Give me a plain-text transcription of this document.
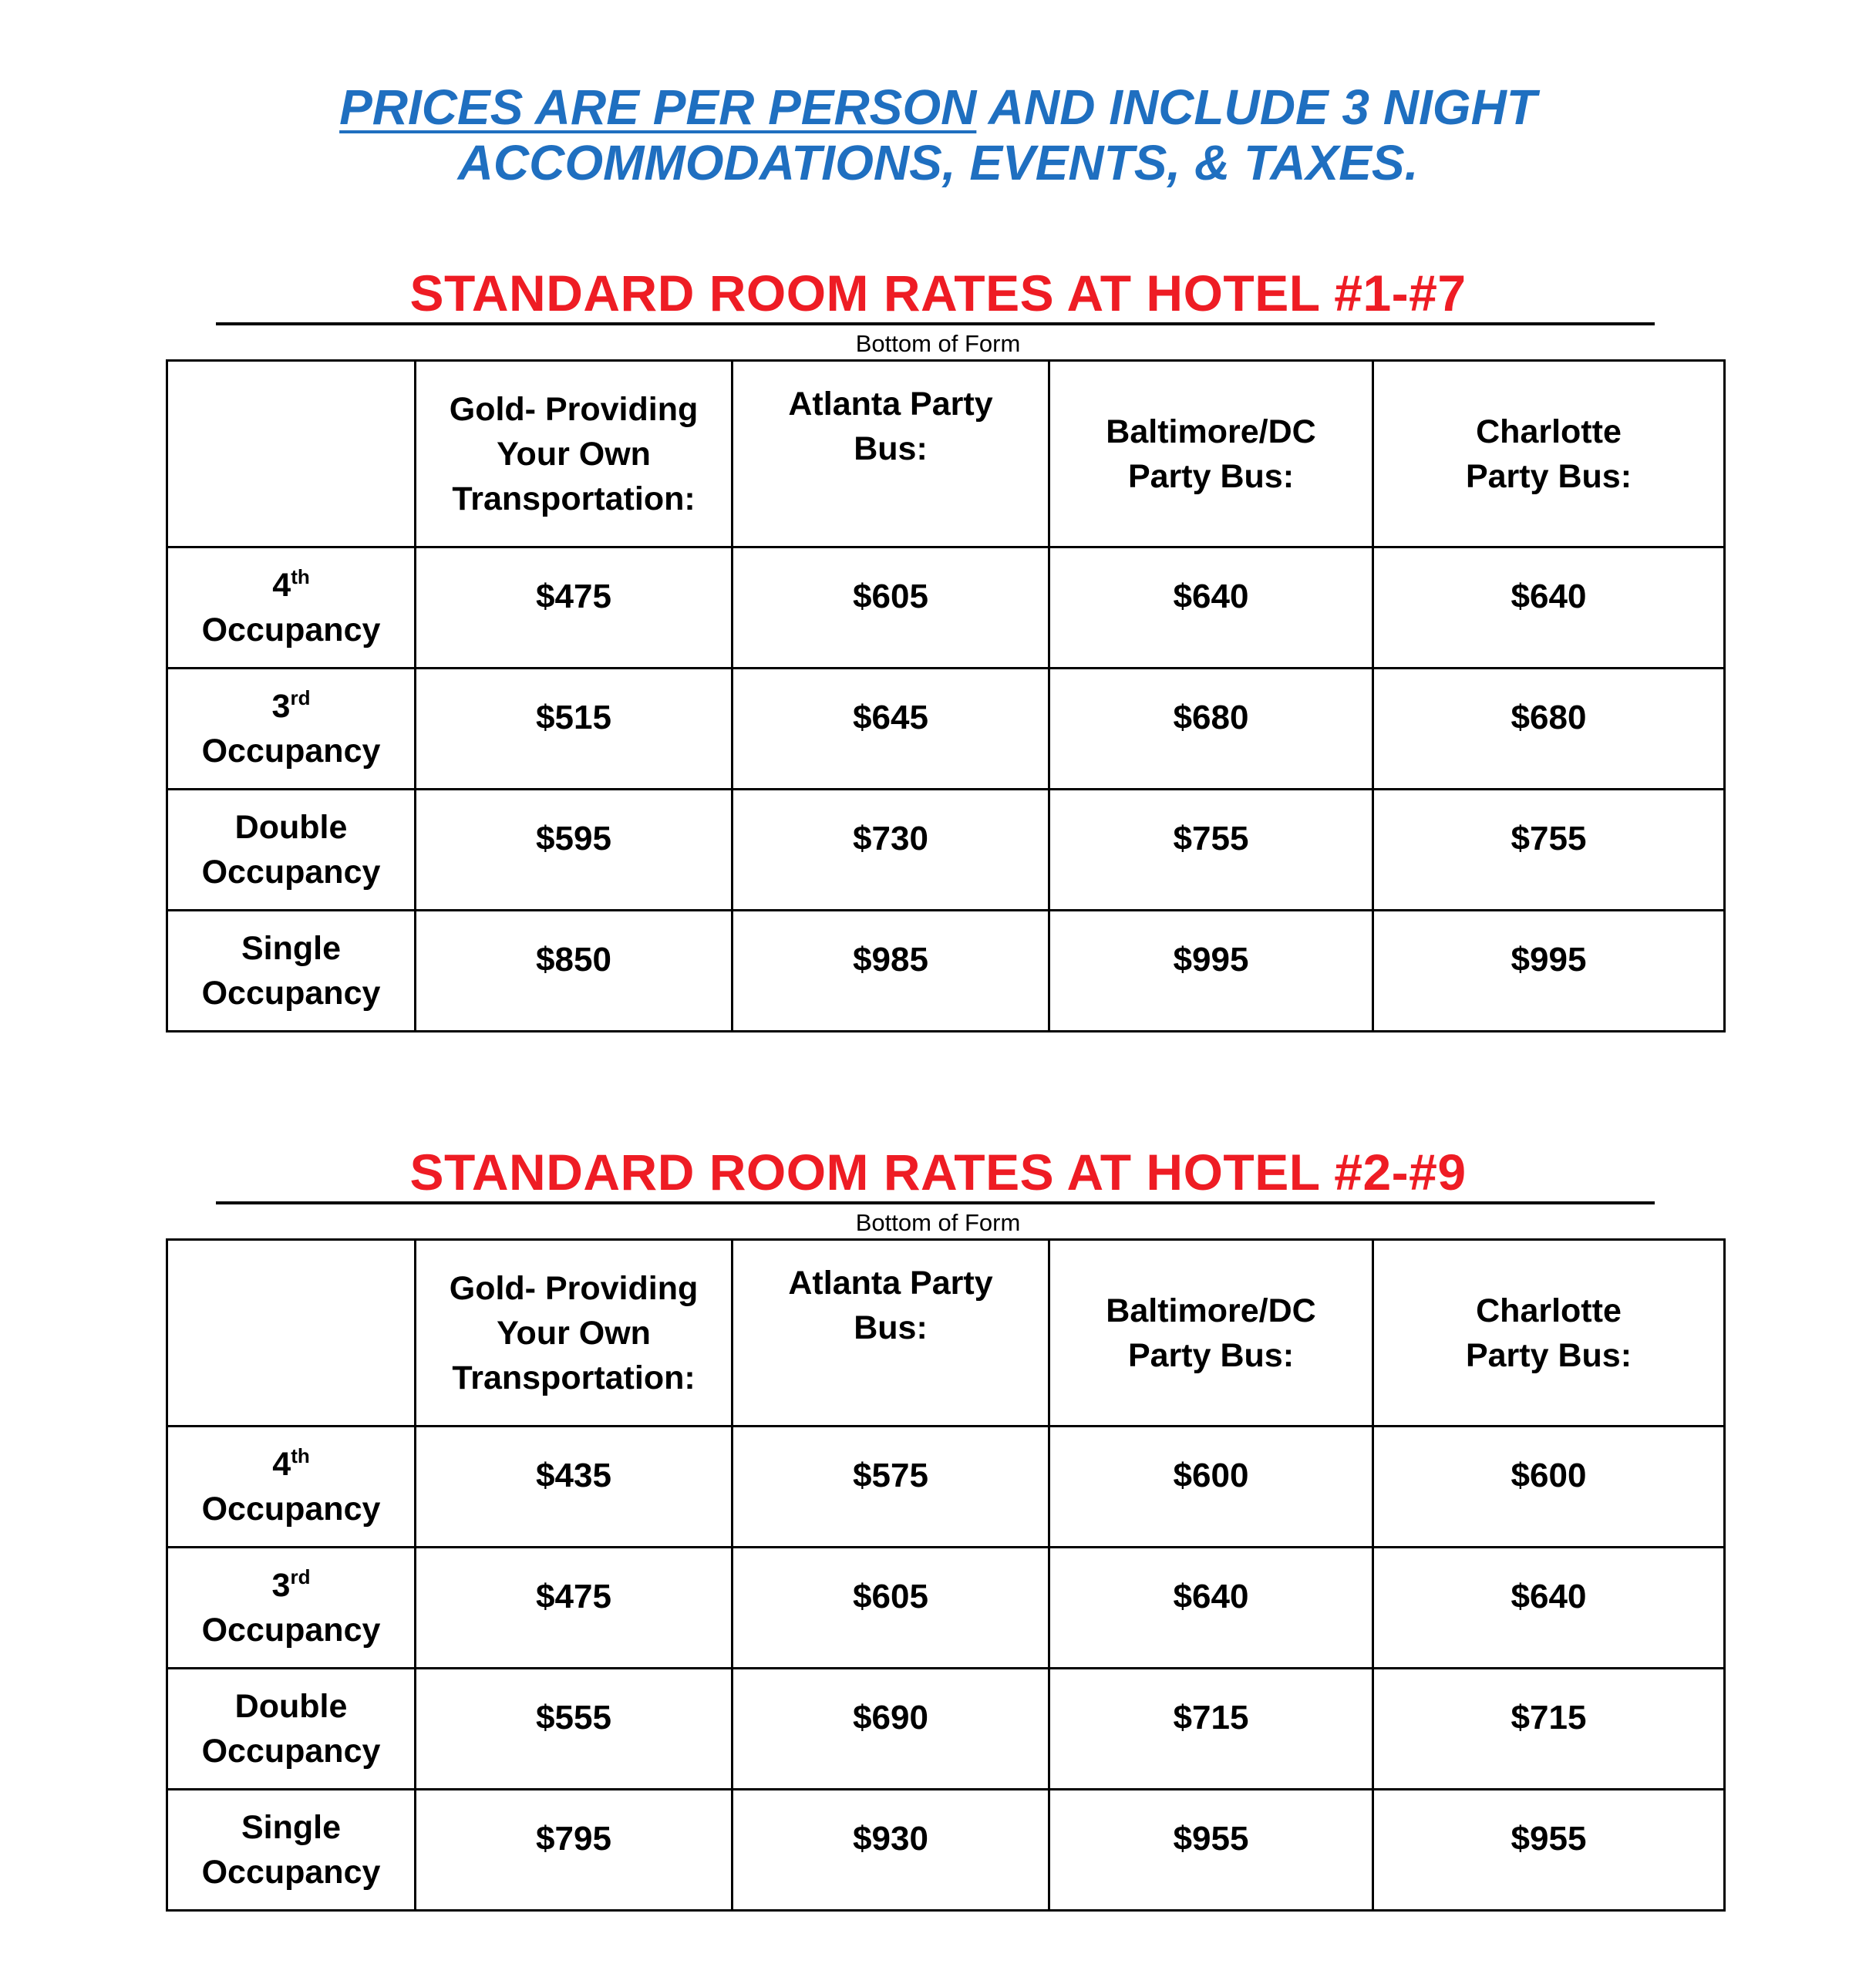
PRICES ARE PER PERSON AND INCLUDE 3 NIGHT
ACCOMMODATIONS, EVENTS, & TAXES.
STANDARD ROOM RATES AT HOTEL #1-#7
Bottom of Form

	Gold- Providing
Your Own
Transportation:	Atlanta Party
Bus:	Baltimore/DC
Party Bus:	Charlotte
Party Bus:

4th
Occupancy	$475	$605	$640	$640

3rd
Occupancy	$515	$645	$680	$680

Double
Occupancy	$595	$730	$755	$755

Single
Occupancy	$850	$985	$995	$995
STANDARD ROOM RATES AT HOTEL #2-#9
Bottom of Form

	Gold- Providing
Your Own
Transportation:	Atlanta Party
Bus:	Baltimore/DC
Party Bus:	Charlotte
Party Bus:

4th
Occupancy	$435	$575	$600	$600

3rd
Occupancy	$475	$605	$640	$640

Double
Occupancy	$555	$690	$715	$715

Single
Occupancy	$795	$930	$955	$955
